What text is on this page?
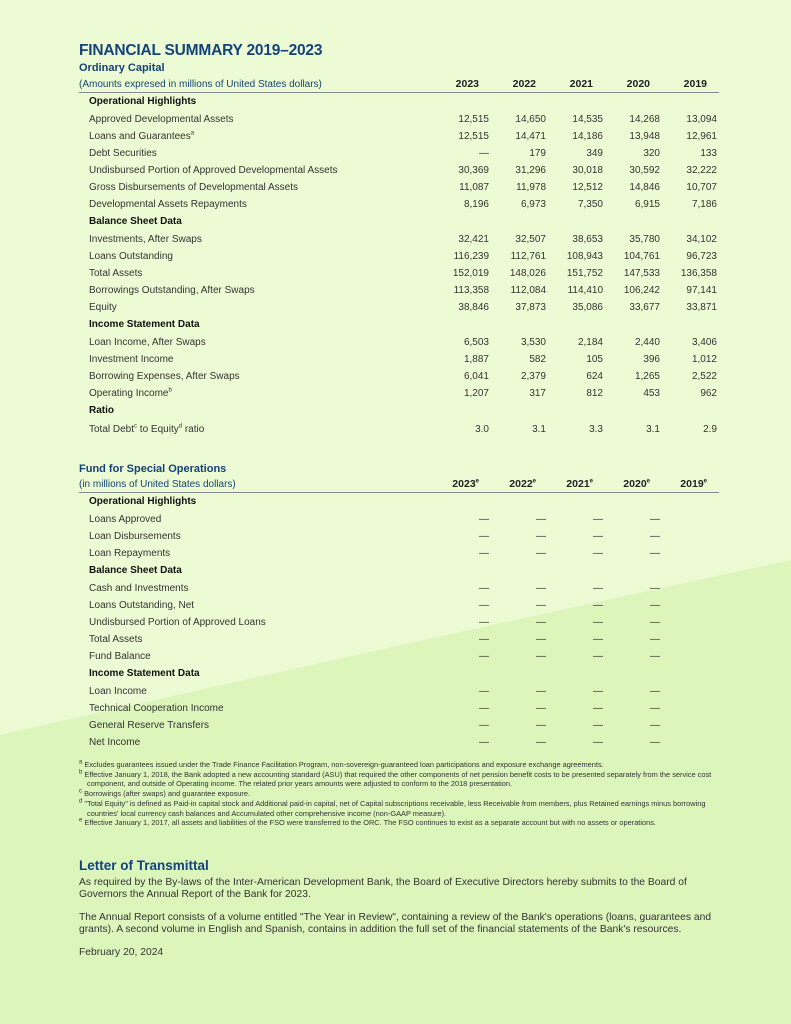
FINANCIAL SUMMARY 2019–2023
Ordinary Capital
(Amounts expresed in millions of United States dollars)	2023	2022	2021	2020	2019
Operational Highlights
Approved Developmental Assets	12,515	14,650	14,535	14,268	13,094
Loans and Guarantees$^a$	12,515	14,471	14,186	13,948	12,961
Debt Securities	—	179	349	320	133
Undisbursed Portion of Approved Developmental Assets	30,369	31,296	30,018	30,592	32,222
Gross Disbursements of Developmental Assets	11,087	11,978	12,512	14,846	10,707
Developmental Assets Repayments	8,196	6,973	7,350	6,915	7,186
Balance Sheet Data
Investments, After Swaps	32,421	32,507	38,653	35,780	34,102
Loans Outstanding	116,239	112,761	108,943	104,761	96,723
Total Assets	152,019	148,026	151,752	147,533	136,358
Borrowings Outstanding, After Swaps	113,358	112,084	114,410	106,242	97,141
Equity	38,846	37,873	35,086	33,677	33,871
Income Statement Data
Loan Income, After Swaps	6,503	3,530	2,184	2,440	3,406
Investment Income	1,887	582	105	396	1,012
Borrowing Expenses, After Swaps	6,041	2,379	624	1,265	2,522
Operating Income$^b$	1,207	317	812	453	962
Ratio
Total Debt$^c$ to Equity$^d$ ratio	3.0	3.1	3.3	3.1	2.9
Fund for Special Operations
(in millions of United States dollars)	2023e	2022e	2021e	2020e	2019e
Operational Highlights
Loans Approved	—	—	—	—
Loan Disbursements	—	—	—	—
Loan Repayments	—	—	—	—
Balance Sheet Data
Cash and Investments	—	—	—	—
Loans Outstanding, Net	—	—	—	—
Undisbursed Portion of Approved Loans	—	—	—	—
Total Assets	—	—	—	—
Fund Balance	—	—	—	—
Income Statement Data
Loan Income	—	—	—	—
Technical Cooperation Income	—	—	—	—
General Reserve Transfers	—	—	—	—
Net Income	—	—	—	—
$^a$ Excludes guarantees issued under the Trade Finance Facilitation Program, non-sovereign-guaranteed loan participations and exposure exchange agreements.
$^b$ Effective January 1, 2018, the Bank adopted a new accounting standard (ASU) that required the other components of net pension benefit costs to be presented separately from the service cost component, and outside of Operating income. The related prior years amounts were adjusted to conform to the 2018 presentation.
$^c$ Borrowings (after swaps) and guarantee exposure.
$^d$ "Total Equity" is defined as Paid-in capital stock and Additional paid-in capital, net of Capital subscriptions receivable, less Receivable from members, plus Retained earnings minus borrowing countries' local currency cash balances and Accumulated other comprehensive income (non-GAAP measure).
$^e$ Effective January 1, 2017, all assets and liabilities of the FSO were transferred to the ORC. The FSO continues to exist as a separate account but with no assets or operations.
Letter of Transmittal

As required by the By-laws of the Inter-American Development Bank, the Board of Executive Directors hereby submits to the Board of Governors the Annual Report of the Bank for 2023.

The Annual Report consists of a volume entitled "The Year in Review", containing a review of the Bank's operations (loans, guarantees and grants). A second volume in English and Spanish, contains in addition the full set of the financial statements of the Bank's resources.

February 20, 2024
